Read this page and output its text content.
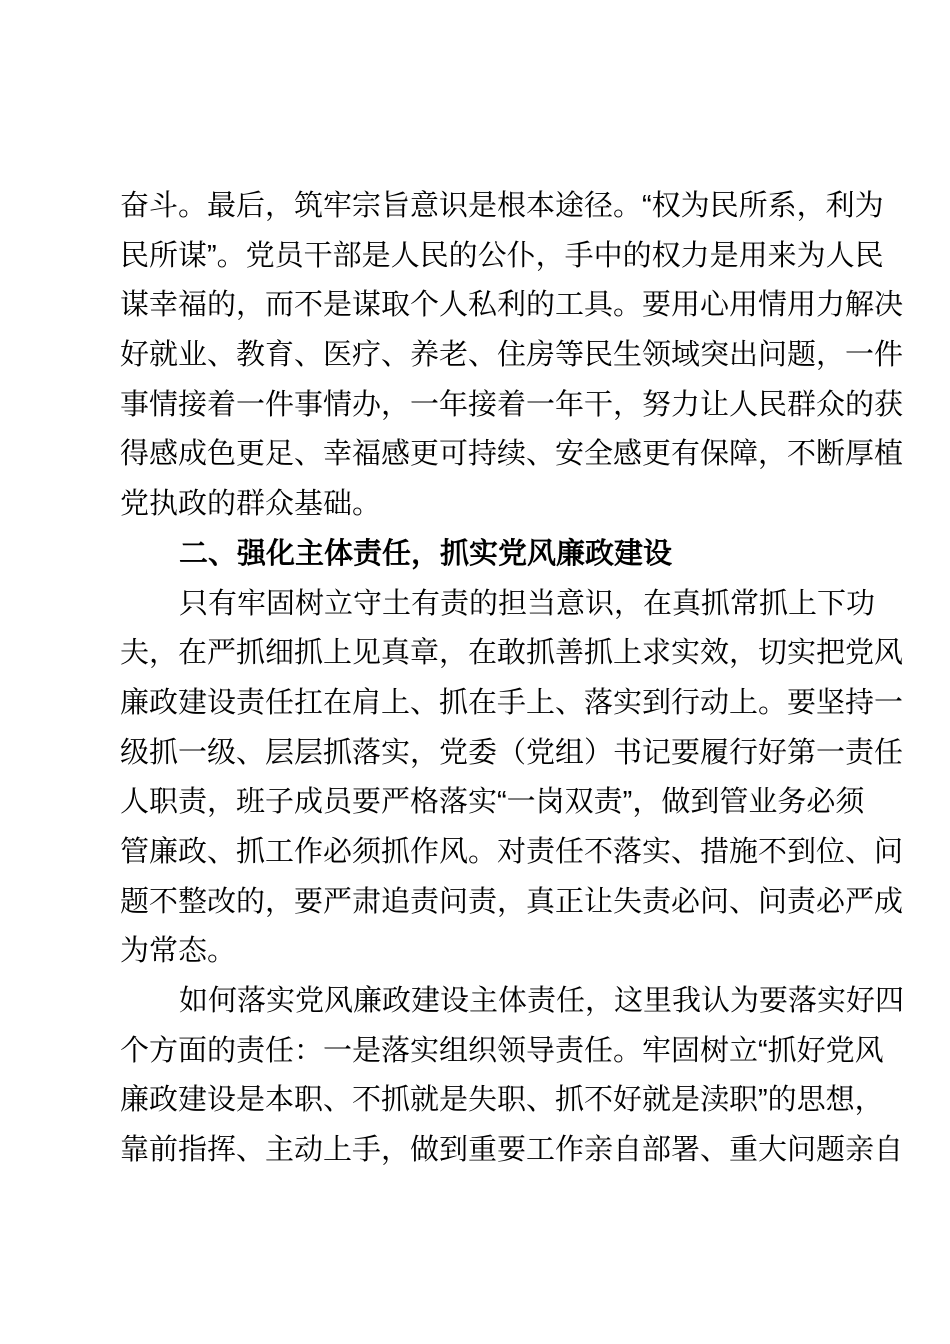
奋斗。最后，筑牢宗旨意识是根本途径。“权为民所系，利为
民所谋”。党员干部是人民的公仆，手中的权力是用来为人民
谋幸福的，而不是谋取个人私利的工具。要用心用情用力解决
好就业、教育、医疗、养老、住房等民生领域突出问题，一件
事情接着一件事情办，一年接着一年干，努力让人民群众的获
得感成色更足、幸福感更可持续、安全感更有保障，不断厚植
党执政的群众基础。
二、强化主体责任，抓实党风廉政建设
只有牢固树立守土有责的担当意识，在真抓常抓上下功
夫，在严抓细抓上见真章，在敢抓善抓上求实效，切实把党风
廉政建设责任扛在肩上、抓在手上、落实到行动上。要坚持一
级抓一级、层层抓落实，党委（党组）书记要履行好第一责任
人职责，班子成员要严格落实“一岗双责”，做到管业务必须
管廉政、抓工作必须抓作风。对责任不落实、措施不到位、问
题不整改的，要严肃追责问责，真正让失责必问、问责必严成
为常态。
如何落实党风廉政建设主体责任，这里我认为要落实好四
个方面的责任：一是落实组织领导责任。牢固树立“抓好党风
廉政建设是本职、不抓就是失职、抓不好就是渎职”的思想，
靠前指挥、主动上手，做到重要工作亲自部署、重大问题亲自
